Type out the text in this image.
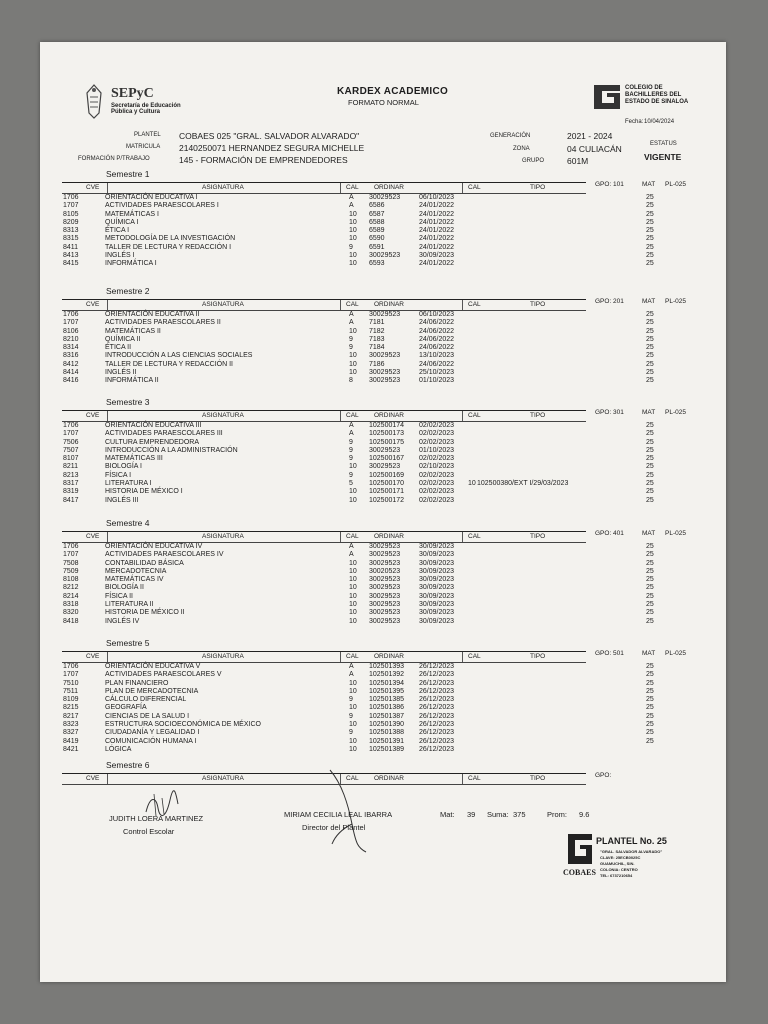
SEPyC
Secretaría de Educación
Pública y Cultura
KARDEX ACADEMICO
FORMATO NORMAL
COLEGIO DE
BACHILLERES DEL
ESTADO DE SINALOA
Fecha: 10/04/2024
PLANTEL COBAES 025 "GRAL. SALVADOR ALVARADO"
MATRICULA 2140250071 HERNANDEZ SEGURA MICHELLE
FORMACIÓN P/TRABAJO	145 - FORMACIÓN DE EMPRENDEDORES
GENERACIÓN	2021 - 2024
ESTATUS
VIGENTE
ZONA	04 CULIACÁN
GRUPO	601M
Semestre 1
CVE	ASIGNATURA	CAL ORDINAR	CAL	TIPO	GPO: 101	MAT PL-025
1706	ORIENTACIÓN EDUCATIVA I	A 30029523	06/10/2023	25
1707	ACTIVIDADES PARAESCOLARES I	A 6586	24/01/2022	25
8105	MATEMÁTICAS I	10 6587	24/01/2022	25
8209	QUÍMICA I	10 6588	24/01/2022	25
8313	ÉTICA I	10 6589	24/01/2022	25
8315	METODOLOGÍA DE LA INVESTIGACIÓN	10 6590	24/01/2022	25
8411	TALLER DE LECTURA Y REDACCIÓN I	9 6591	24/01/2022	25
8413	INGLÉS I	10 30029523	30/09/2023	25
8415	INFORMÁTICA I	10 6593	24/01/2022	25
Semestre 2
CVE	ASIGNATURA	CAL ORDINAR	CAL	TIPO	GPO: 201	MAT PL-025
1706	ORIENTACIÓN EDUCATIVA II	A 30029523	06/10/2023	25
1707	ACTIVIDADES PARAESCOLARES II	A 7181	24/06/2022	25
8106	MATEMÁTICAS II	10 7182	24/06/2022	25
8210	QUÍMICA II	9 7183	24/06/2022	25
8314	ÉTICA II	9 7184	24/06/2022	25
8316	INTRODUCCIÓN A LAS CIENCIAS SOCIALES	10 30029523	13/10/2023	25
8412	TALLER DE LECTURA Y REDACCIÓN II	10 7186	24/06/2022	25
8414	INGLÉS II	10 30029523	25/10/2023	25
8416	INFORMÁTICA II	8 30029523	01/10/2023	25
Semestre 3
CVE	ASIGNATURA	CAL ORDINAR	CAL	TIPO	GPO: 301	MAT PL-025
1706	ORIENTACIÓN EDUCATIVA III	A 102500174 02/02/2023	25
1707	ACTIVIDADES PARAESCOLARES III	A 102500173 02/02/2023	25
7506	CULTURA EMPRENDEDORA	9 102500175 02/02/2023	25
7507	INTRODUCCIÓN A LA ADMINISTRACIÓN	9 30029523	01/10/2023	25
8107	MATEMÁTICAS III	9 102500167 02/02/2023	25
8211	BIOLOGÍA I	10 30029523	02/10/2023	25
8213	FÍSICA I	9 102500169 02/02/2023	25
8317	LITERATURA I	5 102500170 02/02/2023 10 102500380/EXT I/29/03/2023	25
8319	HISTORIA DE MÉXICO I	10 102500171 02/02/2023	25
8417	INGLÉS III	10 102500172 02/02/2023	25
Semestre 4
CVE	ASIGNATURA	CAL ORDINAR	CAL	TIPO	GPO: 401	MAT PL-025
1706	ORIENTACIÓN EDUCATIVA IV	A 30029523	30/09/2023	25
1707	ACTIVIDADES PARAESCOLARES IV	A 30029523	30/09/2023	25
7508	CONTABILIDAD BÁSICA	10 30029523	30/09/2023	25
7509	MERCADOTECNIA	10 30020523	30/09/2023	25
8108	MATEMÁTICAS IV	10 30029523	30/09/2023	25
8212	BIOLOGÍA II	10 30029523	30/09/2023	25
8214	FÍSICA II	10 30029523	30/09/2023	25
8318	LITERATURA II	10 30029523	30/09/2023	25
8320	HISTORIA DE MÉXICO II	10 30029523	30/09/2023	25
8418	INGLÉS IV	10 30029523	30/09/2023	25
Semestre 5
CVE	ASIGNATURA	CAL ORDINAR	CAL	TIPO	GPO: 501	MAT PL-025
1706	ORIENTACIÓN EDUCATIVA V	A 102501393 26/12/2023	25
1707	ACTIVIDADES PARAESCOLARES V	A 102501392 26/12/2023	25
7510	PLAN FINANCIERO	10 102501394 26/12/2023	25
7511	PLAN DE MERCADOTECNIA	10 102501395 26/12/2023	25
8109	CÁLCULO DIFERENCIAL	9 102501385 26/12/2023	25
8215	GEOGRAFÍA	10 102501386 26/12/2023	25
8217	CIENCIAS DE LA SALUD I	9 102501387 26/12/2023	25
8323	ESTRUCTURA SOCIOECONÓMICA DE MÉXICO	10 102501390 26/12/2023	25
8327	CIUDADANÍA Y LEGALIDAD I	9 102501388 26/12/2023	25
8419	COMUNICACIÓN HUMANA I	10 102501391 26/12/2023	25
8421	LÓGICA	10 102501389 26/12/2023
Semestre 6
CVE	ASIGNATURA	CAL ORDINAR	CAL	TIPO	GPO:
JUDITH LOERA MARTINEZ
Control Escolar
MIRIAM CECILIA LEAL IBARRA
Director del Plantel
Mat: 39 Suma: 375	Prom: 9.6
PLANTEL No. 25
"GRAL. SALVADOR ALVARADO"
CLAVE: 25ECB0025C
GUAMUCHIL, SIN.
COLONIA: CENTRO
TEL: 6737210654
COBAES
